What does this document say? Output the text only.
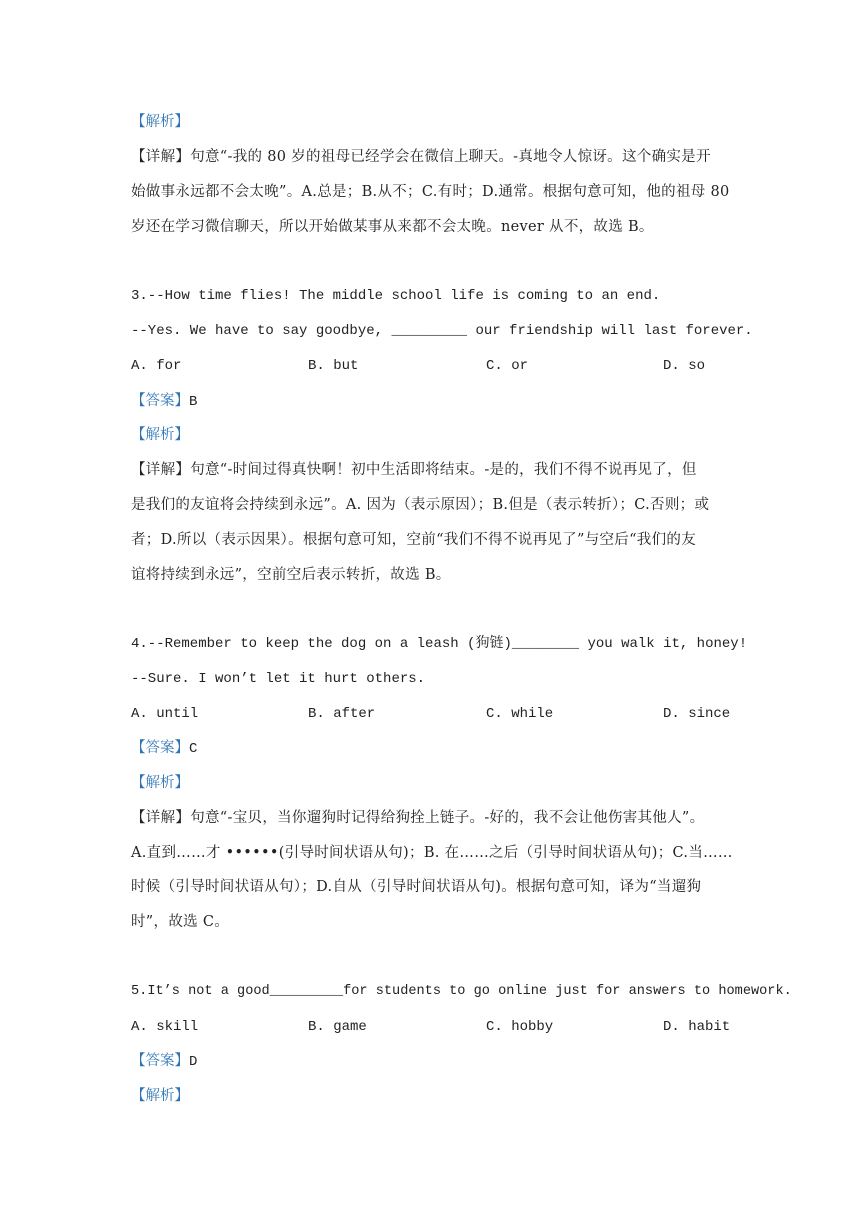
【解析】
【详解】句意“-我的 80 岁的祖母已经学会在微信上聊天。-真地令人惊讶。这个确实是开
始做事永远都不会太晚”。A.总是；B.从不；C.有时；D.通常。根据句意可知，他的祖母 80
岁还在学习微信聊天，所以开始做某事从来都不会太晚。never 从不，故选 B。
3.--How time flies! The middle school life is coming to an end.
--Yes. We have to say goodbye, _________ our friendship will last forever.
A. for	B. but	C. or	D. so
【答案】B
【解析】
【详解】句意“-时间过得真快啊！初中生活即将结束。-是的，我们不得不说再见了，但
是我们的友谊将会持续到永远”。A. 因为（表示原因）；B.但是（表示转折）；C.否则；或
者；D.所以（表示因果）。根据句意可知，空前“我们不得不说再见了”与空后“我们的友
谊将持续到永远”，空前空后表示转折，故选 B。
4.--Remember to keep the dog on a leash (狗链)________ you walk it, honey!
--Sure. I won’t let it hurt others.
A. until	B. after	C. while	D. since
【答案】C
【解析】
【详解】句意“-宝贝，当你遛狗时记得给狗拴上链子。-好的，我不会让他伤害其他人”。
A.直到……才 ••••••(引导时间状语从句)；B. 在……之后（引导时间状语从句)；C.当……
时候（引导时间状语从句）；D.自从（引导时间状语从句)。根据句意可知，译为“当遛狗
时”，故选 C。
5.It’s not a good_________for students to go online just for answers to homework.
A. skill	B. game	C. hobby	D. habit
【答案】D
【解析】
